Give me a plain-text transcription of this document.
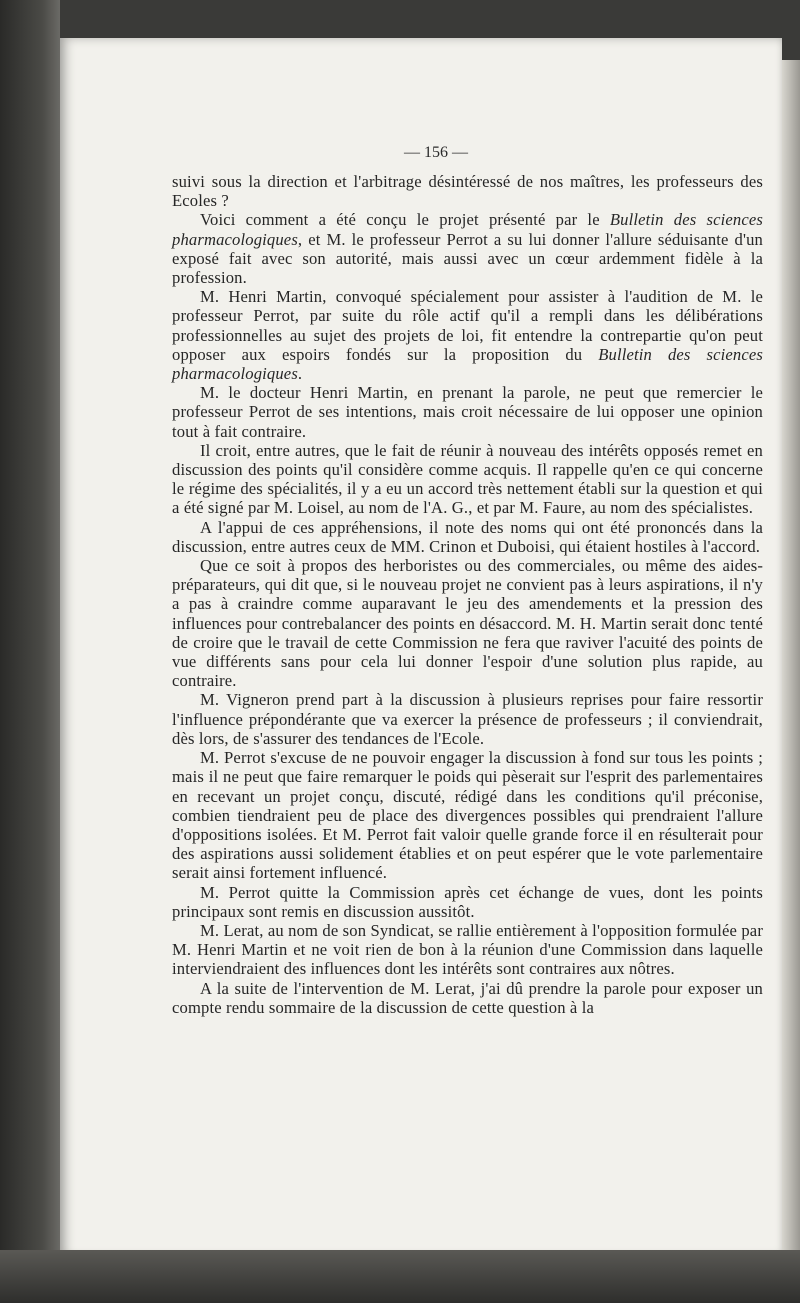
— 156 —

suivi sous la direction et l'arbitrage désintéressé de nos maîtres, les professeurs des Ecoles ?

Voici comment a été conçu le projet présenté par le Bulletin des sciences pharmacologiques, et M. le professeur Perrot a su lui donner l'allure séduisante d'un exposé fait avec son autorité, mais aussi avec un cœur ardemment fidèle à la profession.

M. Henri Martin, convoqué spécialement pour assister à l'audition de M. le professeur Perrot, par suite du rôle actif qu'il a rempli dans les délibérations professionnelles au sujet des projets de loi, fit entendre la contrepartie qu'on peut opposer aux espoirs fondés sur la proposition du Bulletin des sciences pharmacologiques.

M. le docteur Henri Martin, en prenant la parole, ne peut que remercier le professeur Perrot de ses intentions, mais croit nécessaire de lui opposer une opinion tout à fait contraire.

Il croit, entre autres, que le fait de réunir à nouveau des intérêts opposés remet en discussion des points qu'il considère comme acquis. Il rappelle qu'en ce qui concerne le régime des spécialités, il y a eu un accord très nettement établi sur la question et qui a été signé par M. Loisel, au nom de l'A. G., et par M. Faure, au nom des spécialistes.

A l'appui de ces appréhensions, il note des noms qui ont été prononcés dans la discussion, entre autres ceux de MM. Crinon et Duboisi, qui étaient hostiles à l'accord.

Que ce soit à propos des herboristes ou des commerciales, ou même des aides-préparateurs, qui dit que, si le nouveau projet ne convient pas à leurs aspirations, il n'y a pas à craindre comme auparavant le jeu des amendements et la pression des influences pour contrebalancer des points en désaccord. M. H. Martin serait donc tenté de croire que le travail de cette Commission ne fera que raviver l'acuité des points de vue différents sans pour cela lui donner l'espoir d'une solution plus rapide, au contraire.

M. Vigneron prend part à la discussion à plusieurs reprises pour faire ressortir l'influence prépondérante que va exercer la présence de professeurs ; il conviendrait, dès lors, de s'assurer des tendances de l'Ecole.

M. Perrot s'excuse de ne pouvoir engager la discussion à fond sur tous les points ; mais il ne peut que faire remarquer le poids qui pèserait sur l'esprit des parlementaires en recevant un projet conçu, discuté, rédigé dans les conditions qu'il préconise, combien tiendraient peu de place des divergences possibles qui prendraient l'allure d'oppositions isolées. Et M. Perrot fait valoir quelle grande force il en résulterait pour des aspirations aussi solidement établies et on peut espérer que le vote parlementaire serait ainsi fortement influencé.

M. Perrot quitte la Commission après cet échange de vues, dont les points principaux sont remis en discussion aussitôt.

M. Lerat, au nom de son Syndicat, se rallie entièrement à l'opposition formulée par M. Henri Martin et ne voit rien de bon à la réunion d'une Commission dans laquelle interviendraient des influences dont les intérêts sont contraires aux nôtres.

A la suite de l'intervention de M. Lerat, j'ai dû prendre la parole pour exposer un compte rendu sommaire de la discussion de cette question à la
